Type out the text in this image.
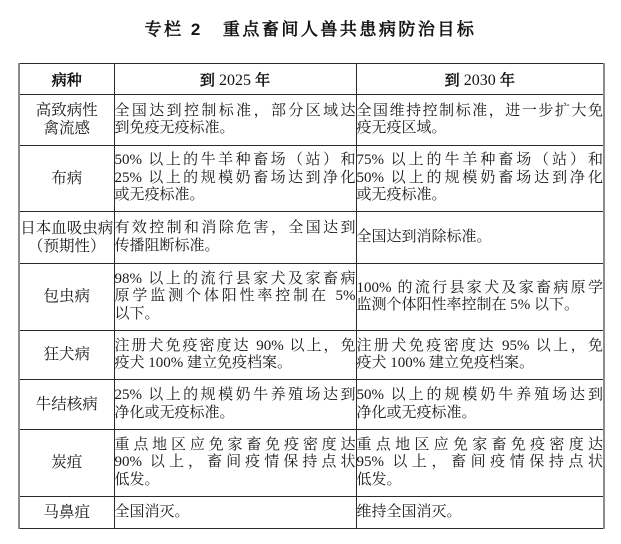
专栏 2 重点畜间人兽共患病防治目标
病种	到 2025 年	到 2030 年

高致病性
禽流感	全国达到控制标准，部分区域达
到免疫无疫标准。	全国维持控制标准，进一步扩大免
疫无疫区域。

布病	50% 以上的牛羊种畜场（站）和
25% 以上的规模奶畜场达到净化
或无疫标准。	75% 以上的牛羊种畜场（站）和
50% 以上的规模奶畜场达到净化
或无疫标准。

日本血吸虫病
（预期性）	有效控制和消除危害，全国达到
传播阻断标准。	全国达到消除标准。

包虫病	98% 以上的流行县家犬及家畜病
原学监测个体阳性率控制在 5%
以下。	100% 的流行县家犬及家畜病原学
监测个体阳性率控制在 5% 以下。

狂犬病	注册犬免疫密度达 90% 以上，免
疫犬 100% 建立免疫档案。	注册犬免疫密度达 95% 以上，免
疫犬 100% 建立免疫档案。

牛结核病	25% 以上的规模奶牛养殖场达到
净化或无疫标准。	50% 以上的规模奶牛养殖场达到
净化或无疫标准。

炭疽	重点地区应免家畜免疫密度达
90% 以上，畜间疫情保持点状
低发。	重点地区应免家畜免疫密度达
95% 以上，畜间疫情保持点状
低发。

马鼻疽	全国消灭。	维持全国消灭。
